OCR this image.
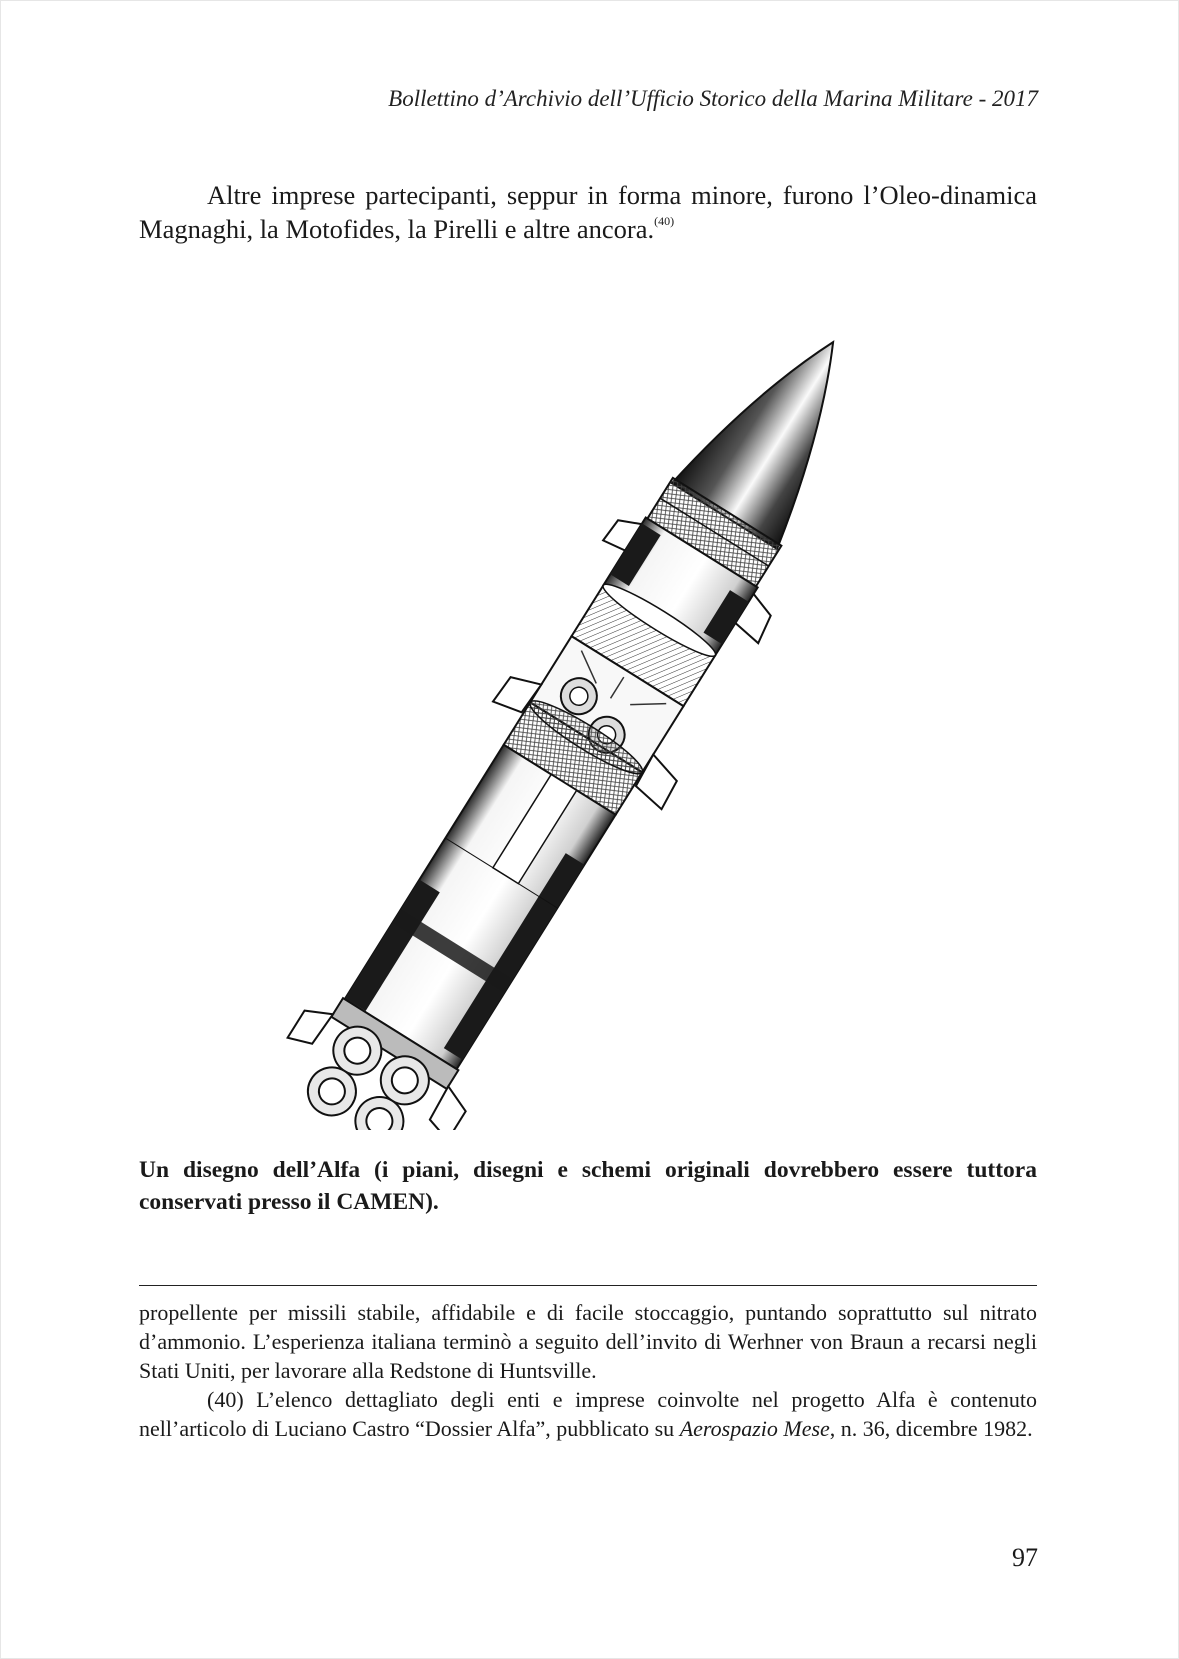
Bollettino d’Archivio dell’Ufficio Storico della Marina Militare - 2017

Altre imprese partecipanti, seppur in forma minore, furono l’Oleo-dinamica Magnaghi, la Motofides, la Pirelli e altre ancora.$^{(40)}$

Un disegno dell’Alfa (i piani, disegni e schemi originali dovrebbero essere tuttora conservati presso il CAMEN).

propellente per missili stabile, affidabile e di facile stoccaggio, puntando soprattutto sul nitrato d’ammonio. L’esperienza italiana terminò a seguito dell’invito di Werhner von Braun a recarsi negli Stati Uniti, per lavorare alla Redstone di Huntsville.

(40) L’elenco dettagliato degli enti e imprese coinvolte nel progetto Alfa è contenuto nell’articolo di Luciano Castro “Dossier Alfa”, pubblicato su Aerospazio Mese, n. 36, dicembre 1982.

97
